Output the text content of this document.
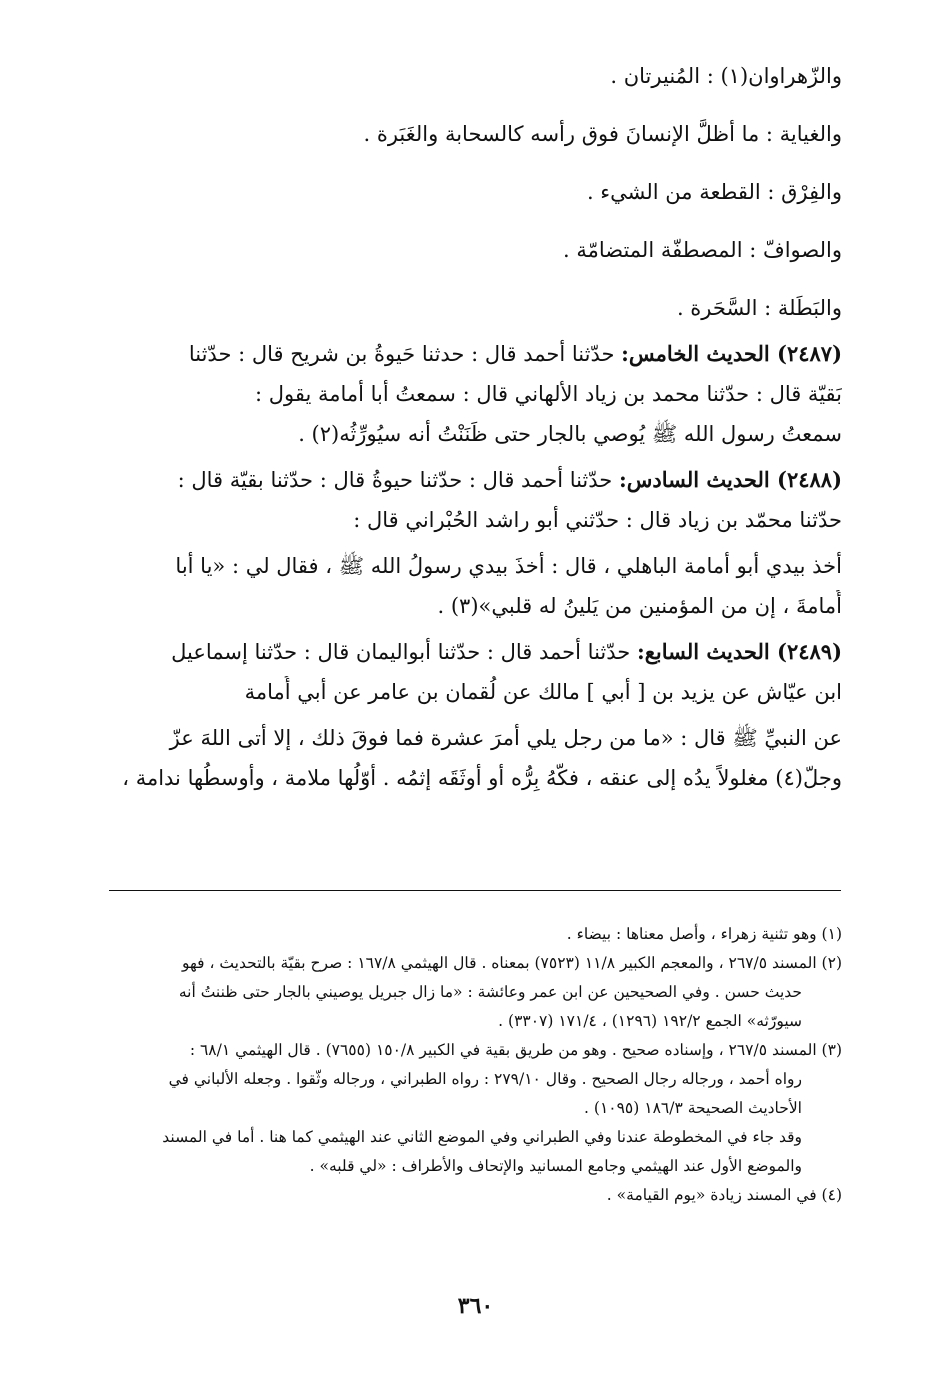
والزّهراوان(١) : المُنيرتان .
والغياية : ما أظلَّ الإنسانَ فوق رأسه كالسحابة والغَبَرة .
والفِرْق : القطعة من الشيء .
والصوافّ : المصطفّة المتضامّة .
والبَطَلة : السَّحَرة .
(٢٤٨٧) الحديث الخامس: حدّثنا أحمد قال : حدثنا حَيوةُ بن شريح قال : حدّثنا
بَقيّة قال : حدّثنا محمد بن زياد الألهاني قال : سمعتُ أبا أمامة يقول :
سمعتُ رسول الله ﷺ يُوصي بالجار حتى ظَنَنْتُ أنه سيُورِّثُه(٢) .
(٢٤٨٨) الحديث السادس: حدّثنا أحمد قال : حدّثنا حيوةُ قال : حدّثنا بقيّة قال :
حدّثنا محمّد بن زياد قال : حدّثني أبو راشد الحُبْراني قال :
أخذ بيدي أبو أمامة الباهلي ، قال : أخذَ بيدي رسولُ الله ﷺ ، فقال لي : «يا أبا
أُمامةَ ، إن من المؤمنين من يَلينُ له قلبي»(٣) .
(٢٤٨٩) الحديث السابع: حدّثنا أحمد قال : حدّثنا أبواليمان قال : حدّثنا إسماعيل
ابن عيّاش عن يزيد بن [ أبي ] مالك عن لُقمان بن عامر عن أبي أُمامة
عن النبيِّ ﷺ قال : «ما من رجل يلي أمرَ عشرة فما فوقَ ذلك ، إلا أتى اللهَ عزّ
وجلّ(٤) مغلولاً يدُه إلى عنقه ، فكّهُ بِرُّه أو أوثَقَه إثمُه . أوّلُها ملامة ، وأوسطُها ندامة ،
(١) وهو تثنية زهراء ، وأصل معناها : بيضاء .
(٢) المسند ٢٦٧/٥ ، والمعجم الكبير ١١/٨ (٧٥٢٣) بمعناه . قال الهيثمي ١٦٧/٨ : صرح بقيّة بالتحديث ، فهو
حديث حسن . وفي الصحيحين عن ابن عمر وعائشة : «ما زال جبريل يوصيني بالجار حتى ظننتُ أنه
سيورّثه» الجمع ١٩٢/٢ (١٢٩٦) ، ١٧١/٤ (٣٣٠٧) .
(٣) المسند ٢٦٧/٥ ، وإسناده صحيح . وهو من طريق بقية في الكبير ١٥٠/٨ (٧٦٥٥) . قال الهيثمي ٦٨/١ :
رواه أحمد ، ورجاله رجال الصحيح . وقال ٢٧٩/١٠ : رواه الطبراني ، ورجاله وثّقوا . وجعله الألباني في
الأحاديث الصحيحة ١٨٦/٣ (١٠٩٥) .
وقد جاء في المخطوطة عندنا وفي الطبراني وفي الموضع الثاني عند الهيثمي كما هنا . أما في المسند
والموضع الأول عند الهيثمي وجامع المسانيد والإتحاف والأطراف : «لي قلبه» .
(٤) في المسند زيادة «يوم القيامة» .
٣٦٠
